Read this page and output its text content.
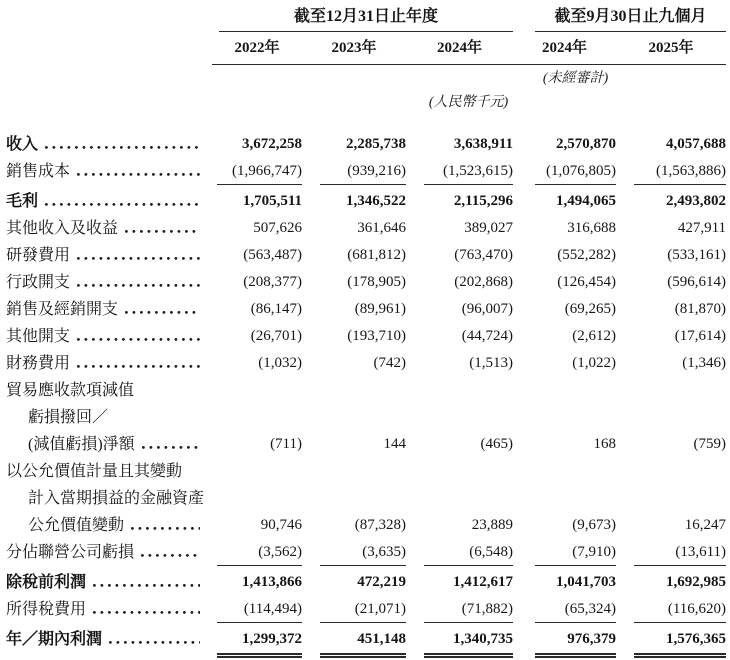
	截至12月31日止年度			截至9月30日止九個月	

	2022年	2023年	2024年	2024年	2025年

				(未經審計)	
			(人民幣千元)		

收入	3,672,258	2,285,738	3,638,911	2,570,870	4,057,688

銷售成本	(1,966,747)	(939,216)	(1,523,615)	(1,076,805)	(1,563,886)

毛利	1,705,511	1,346,522	2,115,296	1,494,065	2,493,802

其他收入及收益	507,626	361,646	389,027	316,688	427,911

研發費用	(563,487)	(681,812)	(763,470)	(552,282)	(533,161)

行政開支	(208,377)	(178,905)	(202,868)	(126,454)	(596,614)

銷售及經銷開支	(86,147)	(89,961)	(96,007)	(69,265)	(81,870)

其他開支	(26,701)	(193,710)	(44,724)	(2,612)	(17,614)

財務費用	(1,032)	(742)	(1,513)	(1,022)	(1,346)

貿易應收款項減值

虧損撥回／

(減值虧損)淨額	(711)	144	(465)	168	(759)

以公允價值計量且其變動

計入當期損益的金融資產

公允價值變動	90,746	(87,328)	23,889	(9,673)	16,247

分佔聯營公司虧損	(3,562)	(3,635)	(6,548)	(7,910)	(13,611)

除稅前利潤	1,413,866	472,219	1,412,617	1,041,703	1,692,985

所得稅費用	(114,494)	(21,071)	(71,882)	(65,324)	(116,620)

年／期內利潤	1,299,372	451,148	1,340,735	976,379	1,576,365
